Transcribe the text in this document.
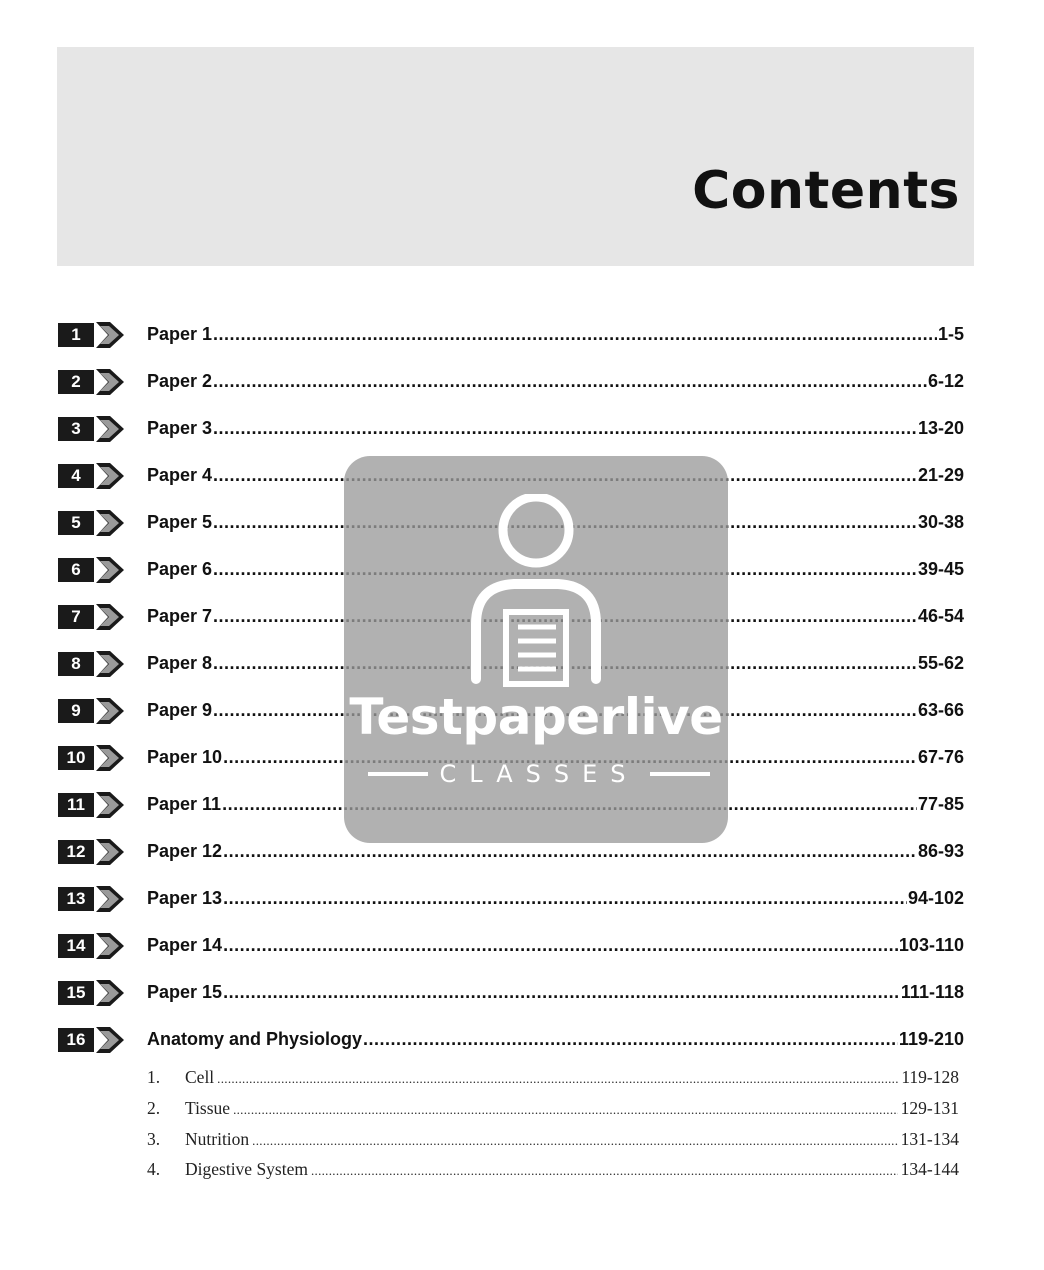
Contents
1	Paper 1 .....	1-5
2	Paper 2 .....	6-12
3	Paper 3 .....	13-20
4	Paper 4 .....	21-29
5	Paper 5 .....	30-38
6	Paper 6 .....	39-45
7	Paper 7 .....	46-54
8	Paper 8 .....	55-62
9	Paper 9 .....	63-66
10	Paper 10 .....	67-76
11	Paper 11 .....	77-85
12	Paper 12 .....	86-93
13	Paper 13 .....	94-102
14	Paper 14 .....	103-110
15	Paper 15 .....	111-118
16	Anatomy and Physiology .....	119-210
1.	Cell .....	119-128
2.	Tissue .....	129-131
3.	Nutrition .....	131-134
4.	Digestive System .....	134-144
Testpaperlive
CLASSES
